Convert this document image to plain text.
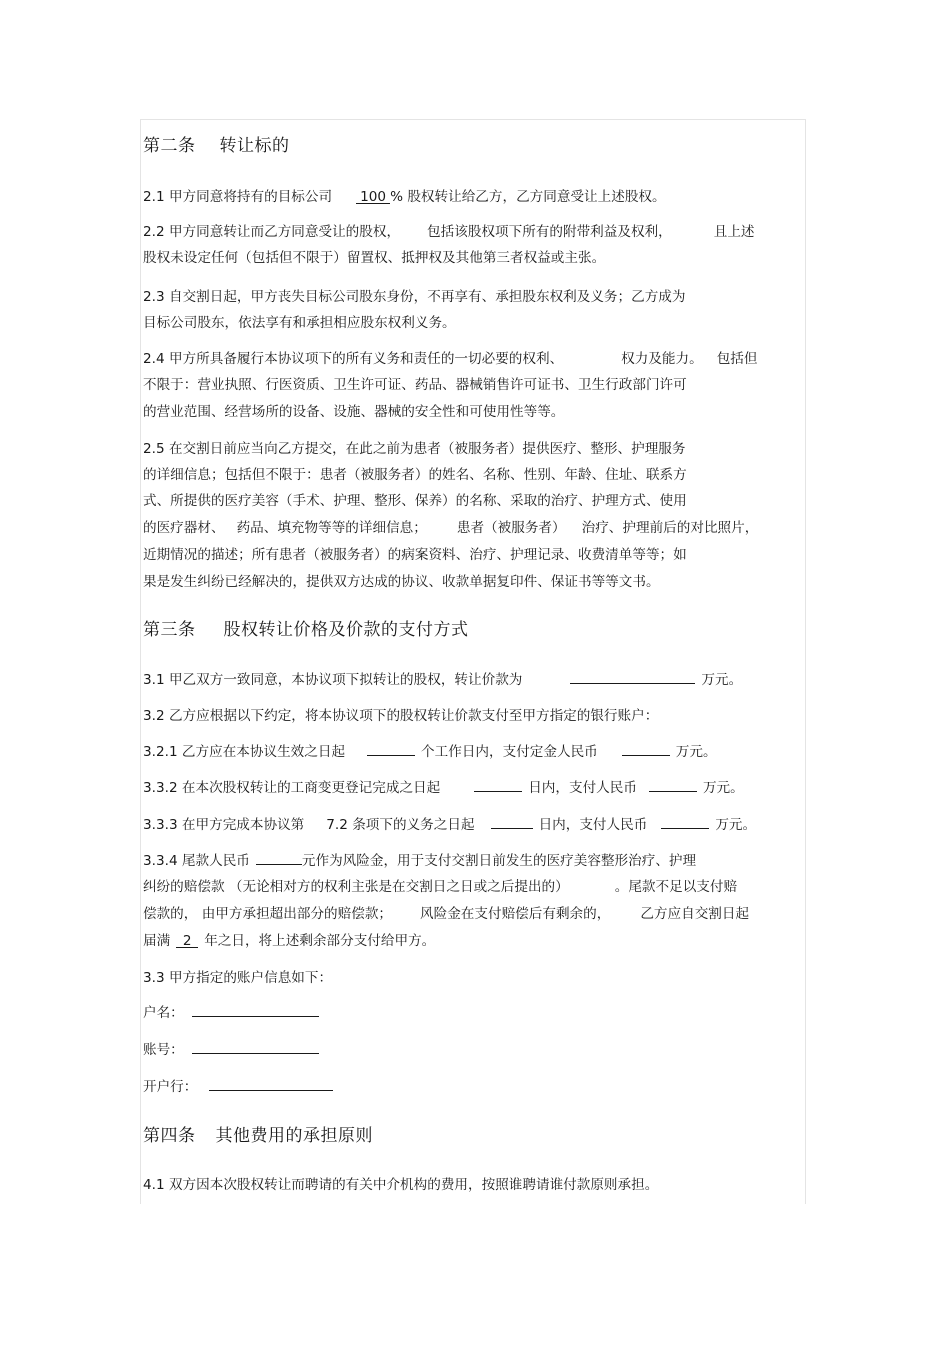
第二条 转让标的
2.1 甲方同意将持有的目标公司 100 % 股权转让给乙方，乙方同意受让上述股权。
2.2 甲方同意转让而乙方同意受让的股权， 包括该股权项下所有的附带利益及权利，	且上述
股权未设定任何（包括但不限于）留置权、抵押权及其他第三者权益或主张。
2.3 自交割日起，甲方丧失目标公司股东身份，不再享有、承担股东权利及义务；乙方成为
目标公司股东，依法享有和承担相应股东权利义务。
2.4 甲方所具备履行本协议项下的所有义务和责任的一切必要的权利、	权力及能力。 包括但
不限于：营业执照、行医资质、卫生许可证、药品、器械销售许可证书、卫生行政部门许可
的营业范围、经营场所的设备、设施、器械的安全性和可使用性等等。
2.5 在交割日前应当向乙方提交，在此之前为患者（被服务者）提供医疗、整形、护理服务
的详细信息；包括但不限于：患者（被服务者）的姓名、名称、性别、年龄、住址、联系方
式、所提供的医疗美容（手术、护理、整形、保养）的名称、采取的治疗、护理方式、使用
的医疗器材、 药品、填充物等等的详细信息； 患者（被服务者） 治疗、护理前后的对比照片，
近期情况的描述；所有患者（被服务者）的病案资料、治疗、护理记录、收费清单等等；如
果是发生纠纷已经解决的，提供双方达成的协议、收款单据复印件、保证书等等文书。
第三条 股权转让价格及价款的支付方式
3.1 甲乙双方一致同意，本协议项下拟转让的股权，转让价款为	万元。
3.2 乙方应根据以下约定，将本协议项下的股权转让价款支付至甲方指定的银行账户：
3.2.1 乙方应在本协议生效之日起	个工作日内，支付定金人民币	万元。
3.3.2 在本次股权转让的工商变更登记完成之日起	日内，支付人民币	万元。
3.3.3 在甲方完成本协议第 7.2 条项下的义务之日起	日内，支付人民币	万元。
3.3.4 尾款人民币	元作为风险金，用于支付交割日前发生的医疗美容整形治疗、护理
纠纷的赔偿款 （无论相对方的权利主张是在交割日之日或之后提出的）	。尾款不足以支付赔
偿款的， 由甲方承担超出部分的赔偿款； 风险金在支付赔偿后有剩余的， 乙方应自交割日起
届满 2 年之日，将上述剩余部分支付给甲方。
3.3 甲方指定的账户信息如下：
户名：
账号：
开户行：
第四条 其他费用的承担原则
4.1 双方因本次股权转让而聘请的有关中介机构的费用，按照谁聘请谁付款原则承担。
